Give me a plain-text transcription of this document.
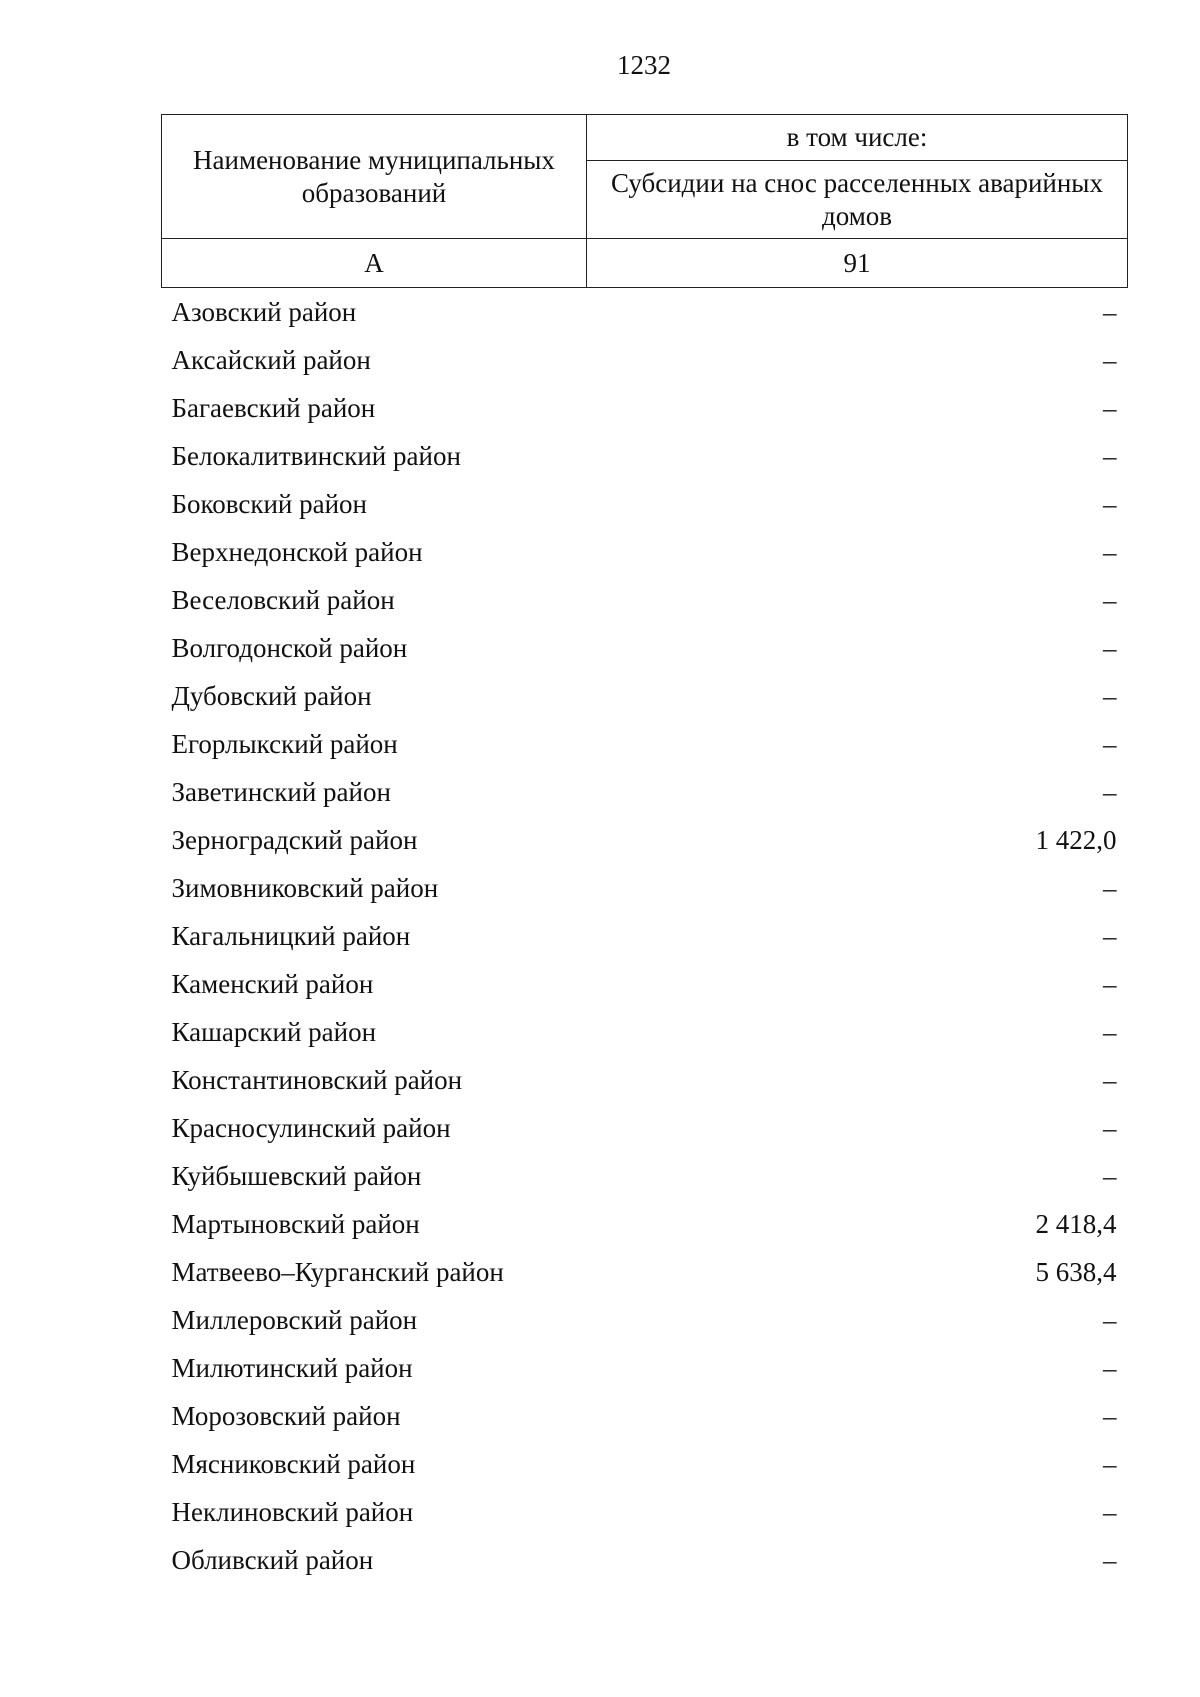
1232
Наименование муниципальных образований	в том числе:
	Субсидии на снос расселенных аварийных домов
А	91
Азовский район	–
Аксайский район	–
Багаевский район	–
Белокалитвинский район	–
Боковский район	–
Верхнедонской район	–
Веселовский район	–
Волгодонской район	–
Дубовский район	–
Егорлыкский район	–
Заветинский район	–
Зерноградский район	1 422,0
Зимовниковский район	–
Кагальницкий район	–
Каменский район	–
Кашарский район	–
Константиновский район	–
Красносулинский район	–
Куйбышевский район	–
Мартыновский район	2 418,4
Матвеево–Курганский район	5 638,4
Миллеровский район	–
Милютинский район	–
Морозовский район	–
Мясниковский район	–
Неклиновский район	–
Обливский район	–
